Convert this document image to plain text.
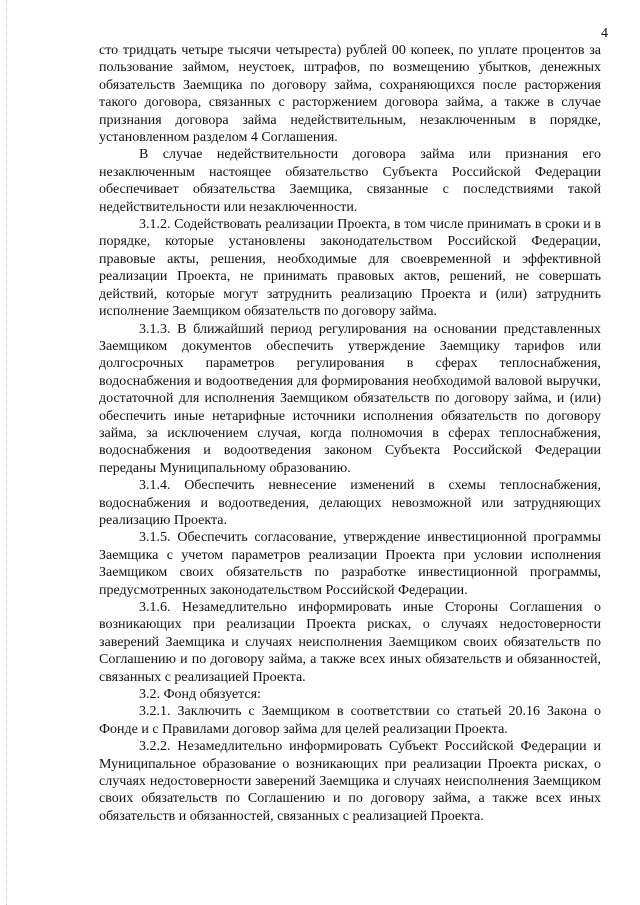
4

сто тридцать четыре тысячи четыреста) рублей 00 копеек, по уплате процентов за пользование займом, неустоек, штрафов, по возмещению убытков, денежных обязательств Заемщика по договору займа, сохраняющихся после расторжения такого договора, связанных с расторжением договора займа, а также в случае признания договора займа недействительным, незаключенным в порядке, установленном разделом 4 Соглашения.

В случае недействительности договора займа или признания его незаключенным настоящее обязательство Субъекта Российской Федерации обеспечивает обязательства Заемщика, связанные с последствиями такой недействительности или незаключенности.

3.1.2. Содействовать реализации Проекта, в том числе принимать в сроки и в порядке, которые установлены законодательством Российской Федерации, правовые акты, решения, необходимые для своевременной и эффективной реализации Проекта, не принимать правовых актов, решений, не совершать действий, которые могут затруднить реализацию Проекта и (или) затруднить исполнение Заемщиком обязательств по договору займа.

3.1.3. В ближайший период регулирования на основании представленных Заемщиком документов обеспечить утверждение Заемщику тарифов или долгосрочных параметров регулирования в сферах теплоснабжения, водоснабжения и водоотведения для формирования необходимой валовой выручки, достаточной для исполнения Заемщиком обязательств по договору займа, и (или) обеспечить иные нетарифные источники исполнения обязательств по договору займа, за исключением случая, когда полномочия в сферах теплоснабжения, водоснабжения и водоотведения законом Субъекта Российской Федерации переданы Муниципальному образованию.

3.1.4. Обеспечить невнесение изменений в схемы теплоснабжения, водоснабжения и водоотведения, делающих невозможной или затрудняющих реализацию Проекта.

3.1.5. Обеспечить согласование, утверждение инвестиционной программы Заемщика с учетом параметров реализации Проекта при условии исполнения Заемщиком своих обязательств по разработке инвестиционной программы, предусмотренных законодательством Российской Федерации.

3.1.6. Незамедлительно информировать иные Стороны Соглашения о возникающих при реализации Проекта рисках, о случаях недостоверности заверений Заемщика и случаях неисполнения Заемщиком своих обязательств по Соглашению и по договору займа, а также всех иных обязательств и обязанностей, связанных с реализацией Проекта.

3.2. Фонд обязуется:

3.2.1. Заключить с Заемщиком в соответствии со статьей 20.16 Закона о Фонде и с Правилами договор займа для целей реализации Проекта.

3.2.2. Незамедлительно информировать Субъект Российской Федерации и Муниципальное образование о возникающих при реализации Проекта рисках, о случаях недостоверности заверений Заемщика и случаях неисполнения Заемщиком своих обязательств по Соглашению и по договору займа, а также всех иных обязательств и обязанностей, связанных с реализацией Проекта.
